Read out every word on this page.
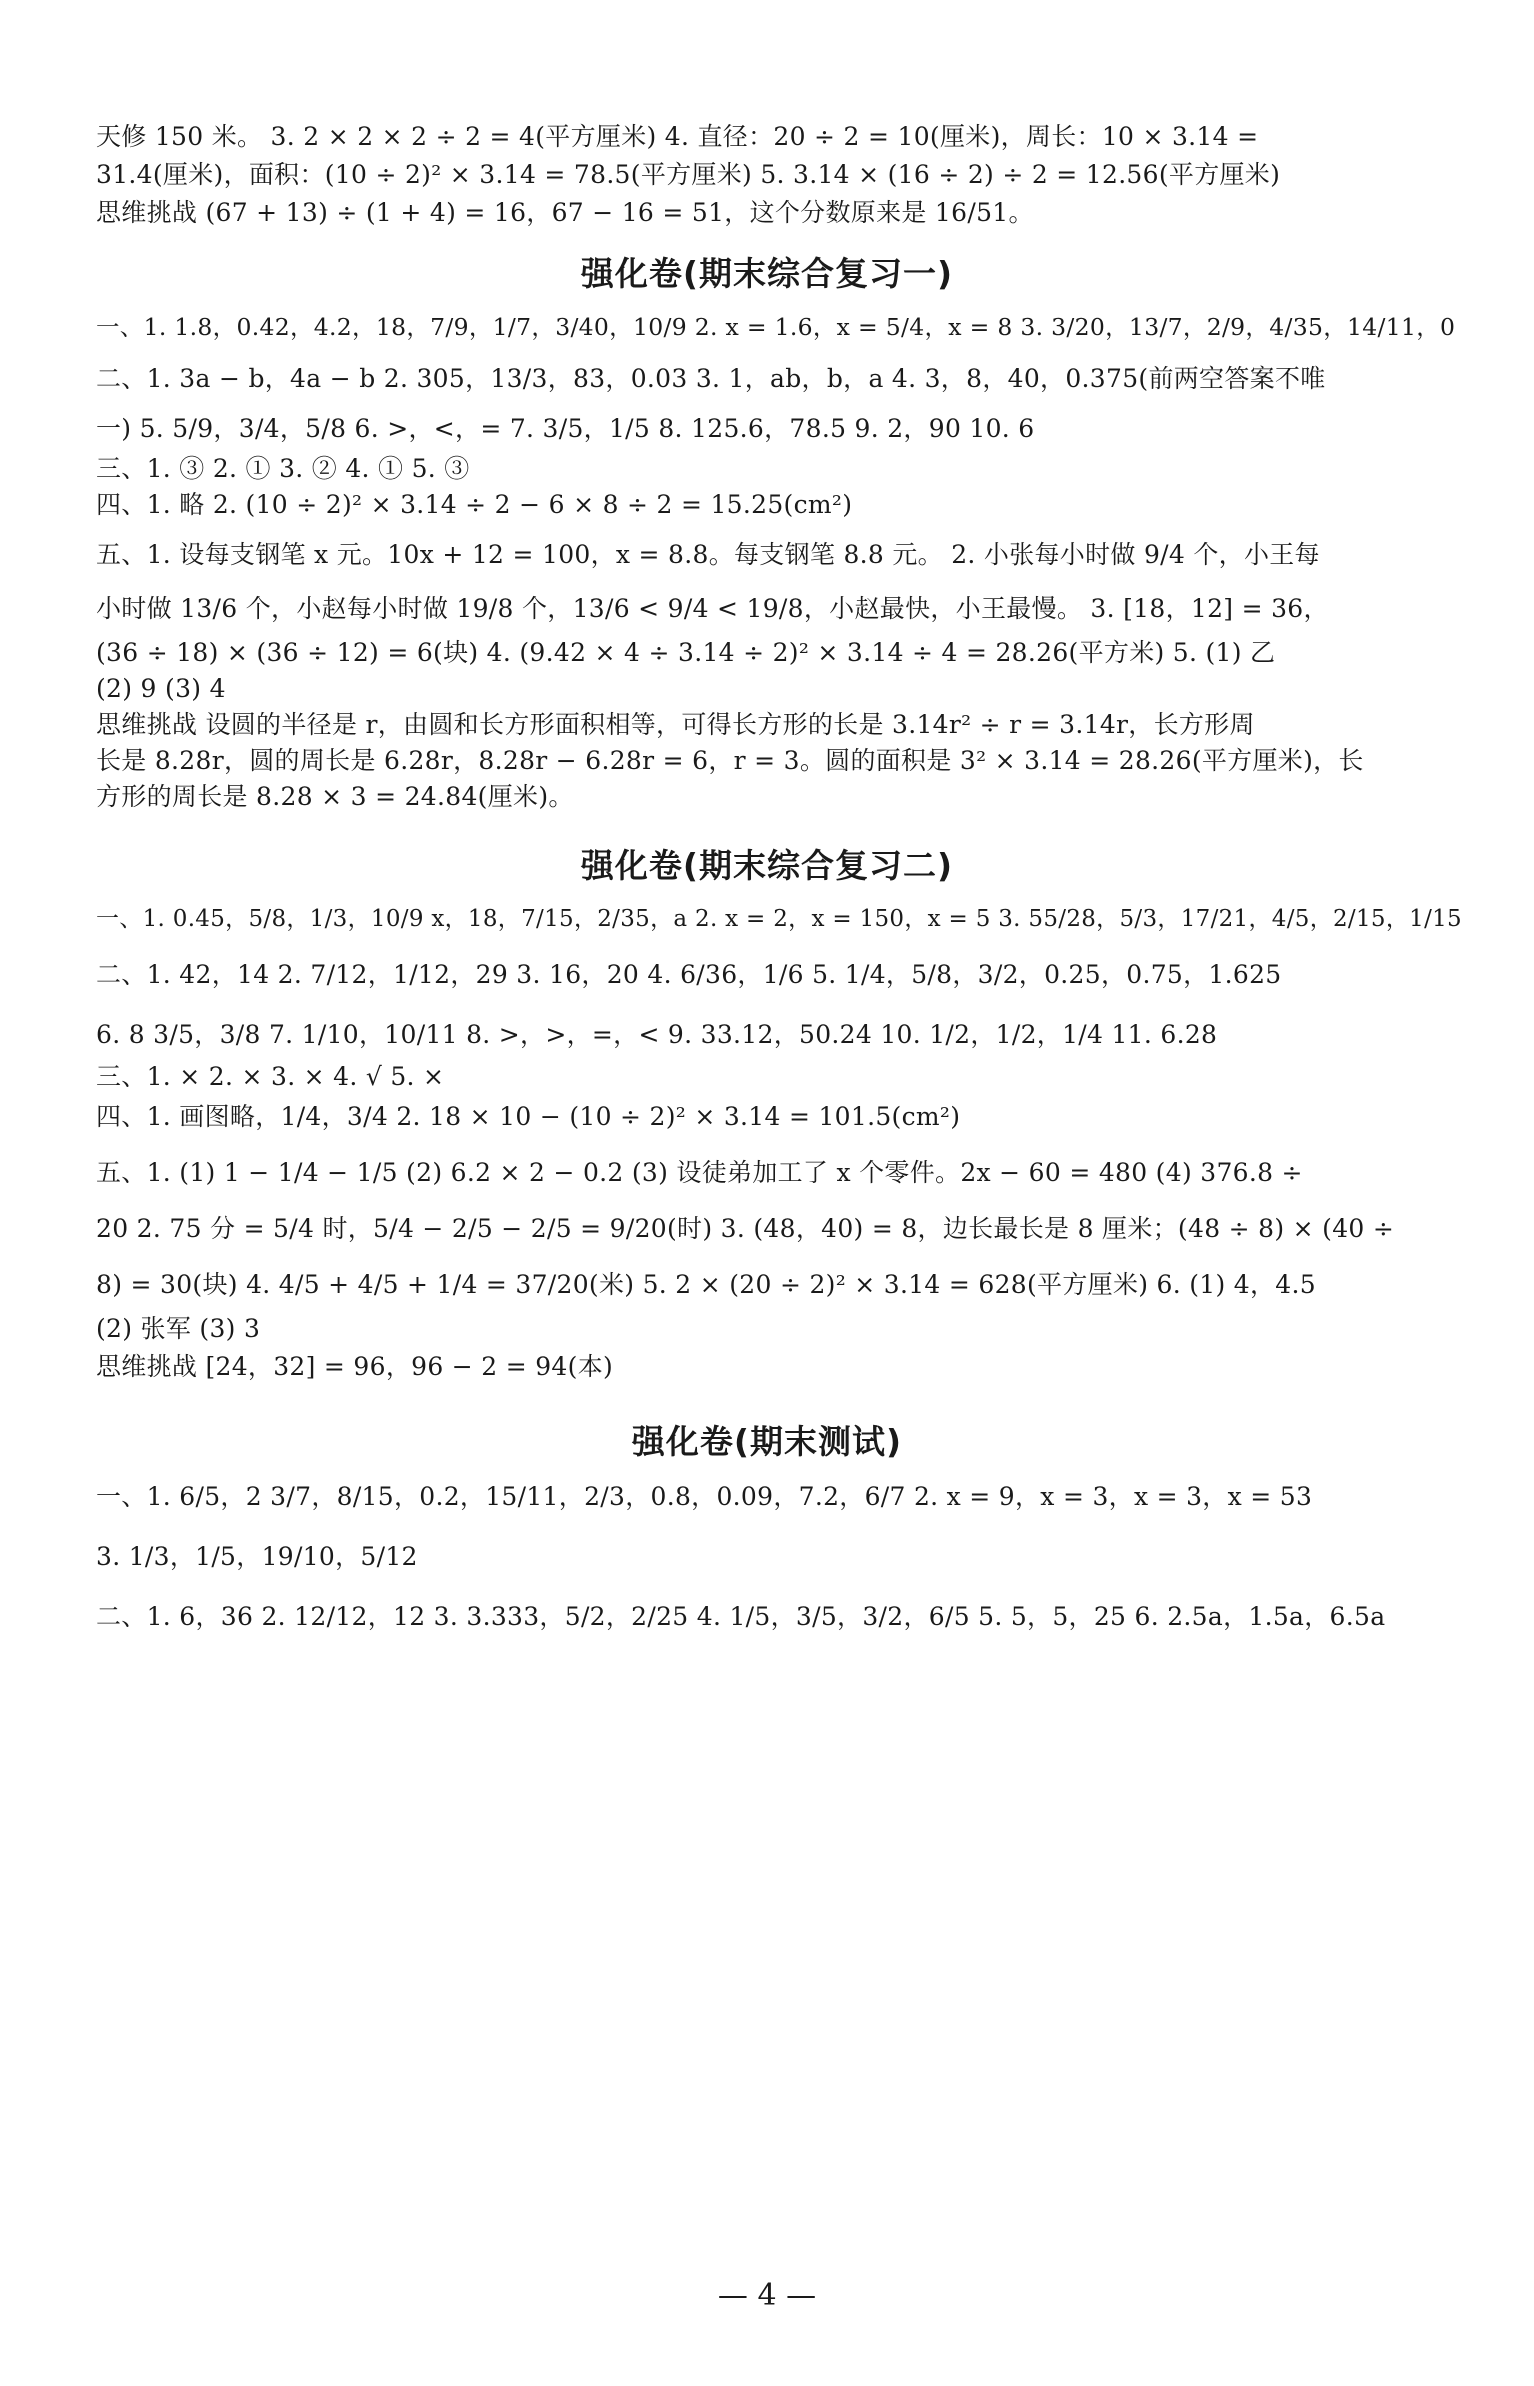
天修 150 米。 3. 2 × 2 × 2 ÷ 2 = 4(平方厘米) 4. 直径：20 ÷ 2 = 10(厘米)，周长：10 × 3.14 =
31.4(厘米)，面积：(10 ÷ 2)² × 3.14 = 78.5(平方厘米) 5. 3.14 × (16 ÷ 2) ÷ 2 = 12.56(平方厘米)
思维挑战 (67 + 13) ÷ (1 + 4) = 16，67 − 16 = 51，这个分数原来是 16/51。
强化卷(期末综合复习一)
一、1. 1.8，0.42，4.2，18，7/9，1/7，3/40，10/9 2. x = 1.6，x = 5/4，x = 8 3. 3/20，13/7，2/9，4/35，14/11，0
二、1. 3a − b，4a − b 2. 305，13/3，83，0.03 3. 1，ab，b，a 4. 3，8，40，0.375(前两空答案不唯
一) 5. 5/9，3/4，5/8 6. >，<，= 7. 3/5，1/5 8. 125.6，78.5 9. 2，90 10. 6
三、1. ③ 2. ① 3. ② 4. ① 5. ③
四、1. 略 2. (10 ÷ 2)² × 3.14 ÷ 2 − 6 × 8 ÷ 2 = 15.25(cm²)
五、1. 设每支钢笔 x 元。10x + 12 = 100，x = 8.8。每支钢笔 8.8 元。 2. 小张每小时做 9/4 个，小王每
小时做 13/6 个，小赵每小时做 19/8 个，13/6 < 9/4 < 19/8，小赵最快，小王最慢。 3. [18，12] = 36，
(36 ÷ 18) × (36 ÷ 12) = 6(块) 4. (9.42 × 4 ÷ 3.14 ÷ 2)² × 3.14 ÷ 4 = 28.26(平方米) 5. (1) 乙
(2) 9 (3) 4
思维挑战 设圆的半径是 r，由圆和长方形面积相等，可得长方形的长是 3.14r² ÷ r = 3.14r，长方形周
长是 8.28r，圆的周长是 6.28r，8.28r − 6.28r = 6，r = 3。圆的面积是 3² × 3.14 = 28.26(平方厘米)，长
方形的周长是 8.28 × 3 = 24.84(厘米)。
强化卷(期末综合复习二)
一、1. 0.45，5/8，1/3，10/9 x，18，7/15，2/35，a 2. x = 2，x = 150，x = 5 3. 55/28，5/3，17/21，4/5，2/15，1/15
二、1. 42，14 2. 7/12，1/12，29 3. 16，20 4. 6/36，1/6 5. 1/4，5/8，3/2，0.25，0.75，1.625
6. 8 3/5，3/8 7. 1/10，10/11 8. >，>，=，< 9. 33.12，50.24 10. 1/2，1/2，1/4 11. 6.28
三、1. × 2. × 3. × 4. √ 5. ×
四、1. 画图略，1/4，3/4 2. 18 × 10 − (10 ÷ 2)² × 3.14 = 101.5(cm²)
五、1. (1) 1 − 1/4 − 1/5 (2) 6.2 × 2 − 0.2 (3) 设徒弟加工了 x 个零件。2x − 60 = 480 (4) 376.8 ÷
20 2. 75 分 = 5/4 时，5/4 − 2/5 − 2/5 = 9/20(时) 3. (48，40) = 8，边长最长是 8 厘米；(48 ÷ 8) × (40 ÷
8) = 30(块) 4. 4/5 + 4/5 + 1/4 = 37/20(米) 5. 2 × (20 ÷ 2)² × 3.14 = 628(平方厘米) 6. (1) 4，4.5
(2) 张军 (3) 3
思维挑战 [24，32] = 96，96 − 2 = 94(本)
强化卷(期末测试)
一、1. 6/5，2 3/7，8/15，0.2，15/11，2/3，0.8，0.09，7.2，6/7 2. x = 9，x = 3，x = 3，x = 53
3. 1/3，1/5，19/10，5/12
二、1. 6，36 2. 12/12，12 3. 3.333，5/2，2/25 4. 1/5，3/5，3/2，6/5 5. 5，5，25 6. 2.5a，1.5a，6.5a
— 4 —
